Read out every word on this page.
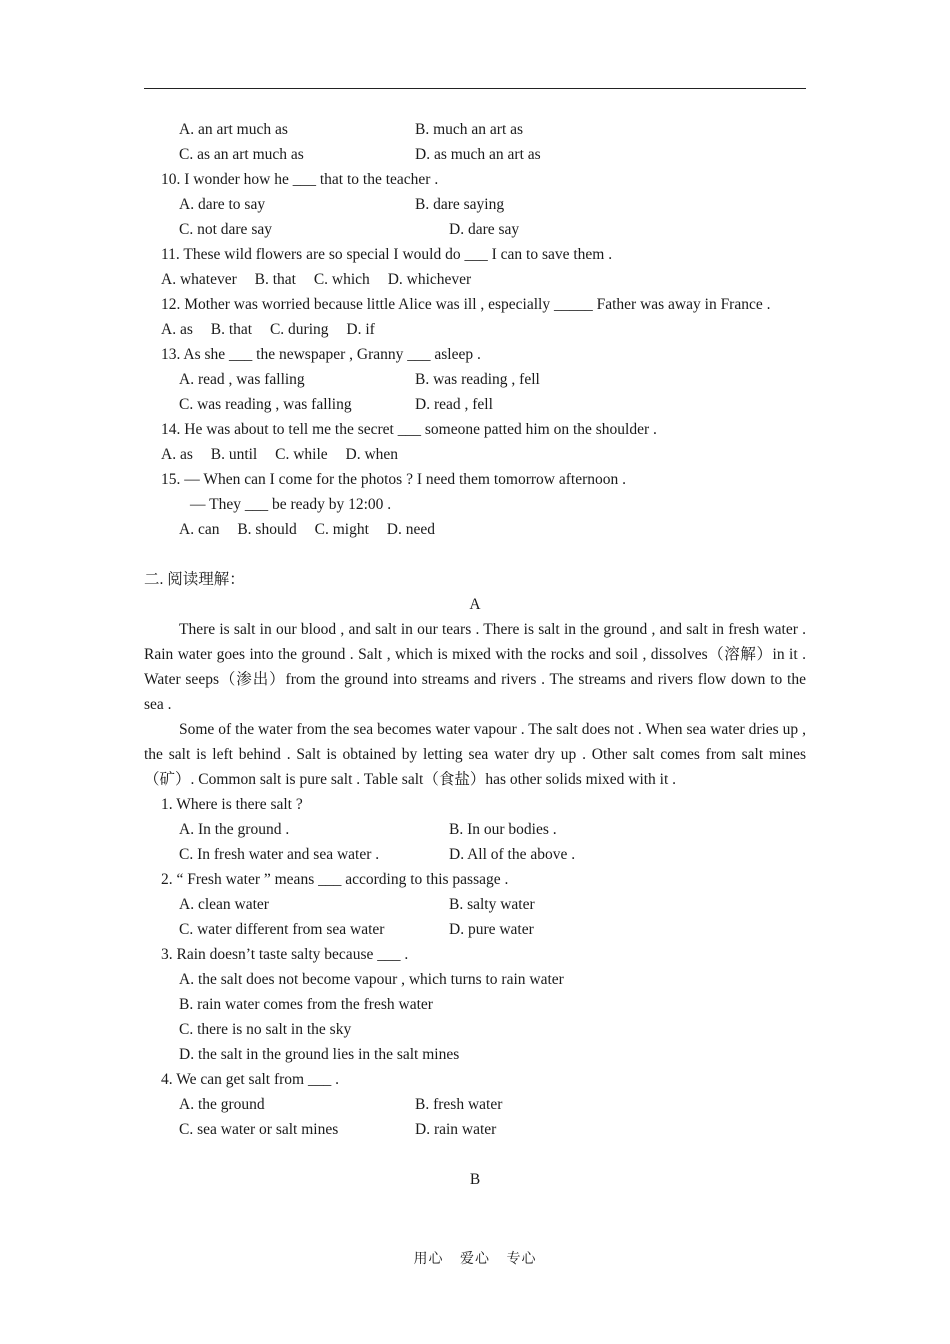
A. an art much as	B. much an art as
C. as an art much as	D. as much an art as
10. I wonder how he ___ that to the teacher .
A. dare to say	B. dare saying
C. not dare say	D. dare say
11. These wild flowers are so special I would do ___ I can to save them .
A. whatever B. that C. which D. whichever
12. Mother was worried because little Alice was ill , especially _____ Father was away in France .
A. as B. that C. during D. if
13. As she ___ the newspaper , Granny ___ asleep .
A. read , was falling	B. was reading , fell
C. was reading , was falling	D. read , fell
14. He was about to tell me the secret ___ someone patted him on the shoulder .
A. as B. until C. while D. when
15. — When can I come for the photos ? I need them tomorrow afternoon .
— They ___ be ready by 12:00 .
A. can B. should C. might D. need
二. 阅读理解：
A
There is salt in our blood , and salt in our tears . There is salt in the ground , and salt in fresh water . Rain water goes into the ground . Salt , which is mixed with the rocks and soil , dissolves（溶解）in it . Water seeps（渗出）from the ground into streams and rivers . The streams and rivers flow down to the sea .
Some of the water from the sea becomes water vapour . The salt does not . When sea water dries up , the salt is left behind . Salt is obtained by letting sea water dry up . Other salt comes from salt mines（矿）. Common salt is pure salt . Table salt（食盐）has other solids mixed with it .
1. Where is there salt ?
A. In the ground .	B. In our bodies .
C. In fresh water and sea water .	D. All of the above .
2. “ Fresh water ” means ___ according to this passage .
A. clean water	B. salty water
C. water different from sea water	D. pure water
3. Rain doesn’t taste salty because ___ .
A. the salt does not become vapour , which turns to rain water
B. rain water comes from the fresh water
C. there is no salt in the sky
D. the salt in the ground lies in the salt mines
4. We can get salt from ___ .
A. the ground	B. fresh water
C. sea water or salt mines	D. rain water
B
用心 爱心 专心
